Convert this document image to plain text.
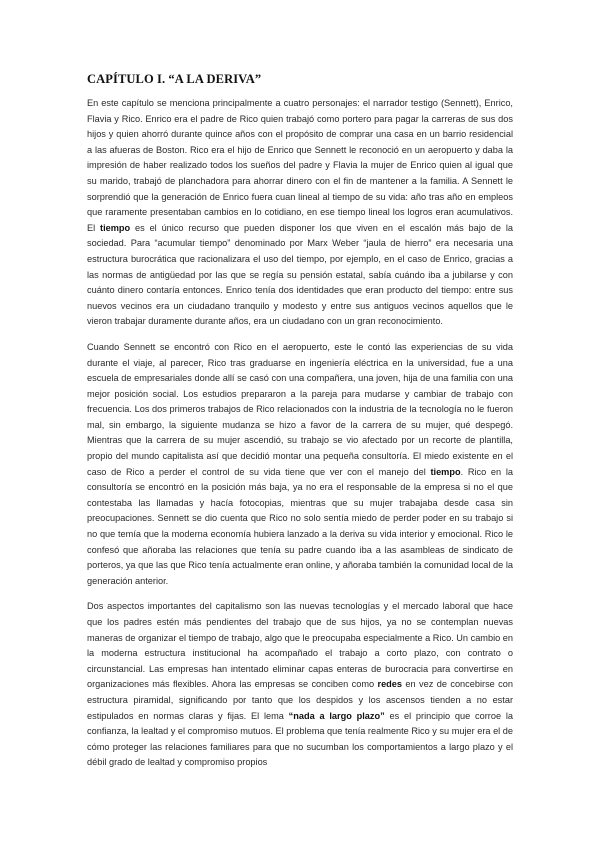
CAPÍTULO I. “A LA DERIVA”

En este capítulo se menciona principalmente a cuatro personajes: el narrador testigo (Sennett), Enrico, Flavia y Rico. Enrico era el padre de Rico quien trabajó como portero para pagar la carreras de sus dos hijos y quien ahorró durante quince años con el propósito de comprar una casa en un barrio residencial a las afueras de Boston. Rico era el hijo de Enrico que Sennett le reconoció en un aeropuerto y daba la impresión de haber realizado todos los sueños del padre y Flavia la mujer de Enrico quien al igual que su marido, trabajó de planchadora para ahorrar dinero con el fin de mantener a la familia. A Sennett le sorprendió que la generación de Enrico fuera cuan lineal al tiempo de su vida: año tras año en empleos que raramente presentaban cambios en lo cotidiano, en ese tiempo lineal los logros eran acumulativos. El tiempo es el único recurso que pueden disponer los que viven en el escalón más bajo de la sociedad. Para “acumular tiempo” denominado por Marx Weber “jaula de hierro” era necesaria una estructura burocrática que racionalizara el uso del tiempo, por ejemplo, en el caso de Enrico, gracias a las normas de antigüedad por las que se regía su pensión estatal, sabía cuándo iba a jubilarse y con cuánto dinero contaría entonces. Enrico tenía dos identidades que eran producto del tiempo: entre sus nuevos vecinos era un ciudadano tranquilo y modesto y entre sus antiguos vecinos aquellos que le vieron trabajar duramente durante años, era un ciudadano con un gran reconocimiento.

Cuando Sennett se encontró con Rico en el aeropuerto, este le contó las experiencias de su vida durante el viaje, al parecer, Rico tras graduarse en ingeniería eléctrica en la universidad, fue a una escuela de empresariales donde allí se casó con una compañera, una joven, hija de una familia con una mejor posición social. Los estudios prepararon a la pareja para mudarse y cambiar de trabajo con frecuencia. Los dos primeros trabajos de Rico relacionados con la industria de la tecnología no le fueron mal, sin embargo, la siguiente mudanza se hizo a favor de la carrera de su mujer, qué despegó. Mientras que la carrera de su mujer ascendió, su trabajo se vio afectado por un recorte de plantilla, propio del mundo capitalista así que decidió montar una pequeña consultoría. El miedo existente en el caso de Rico a perder el control de su vida tiene que ver con el manejo del tiempo. Rico en la consultoría se encontró en la posición más baja, ya no era el responsable de la empresa si no el que contestaba las llamadas y hacía fotocopias, mientras que su mujer trabajaba desde casa sin preocupaciones. Sennett se dio cuenta que Rico no solo sentía miedo de perder poder en su trabajo si no que temía que la moderna economía hubiera lanzado a la deriva su vida interior y emocional. Rico le confesó que añoraba las relaciones que tenía su padre cuando iba a las asambleas de sindicato de porteros, ya que las que Rico tenía actualmente eran online, y añoraba también la comunidad local de la generación anterior.

Dos aspectos importantes del capitalismo son las nuevas tecnologías y el mercado laboral que hace que los padres estén más pendientes del trabajo que de sus hijos, ya no se contemplan nuevas maneras de organizar el tiempo de trabajo, algo que le preocupaba especialmente a Rico. Un cambio en la moderna estructura institucional ha acompañado el trabajo a corto plazo, con contrato o circunstancial. Las empresas han intentado eliminar capas enteras de burocracia para convertirse en organizaciones más flexibles. Ahora las empresas se conciben como redes en vez de concebirse con estructura piramidal, significando por tanto que los despidos y los ascensos tienden a no estar estipulados en normas claras y fijas. El lema “nada a largo plazo” es el principio que corroe la confianza, la lealtad y el compromiso mutuos. El problema que tenía realmente Rico y su mujer era el de cómo proteger las relaciones familiares para que no sucumban los comportamientos a largo plazo y el débil grado de lealtad y compromiso propios
